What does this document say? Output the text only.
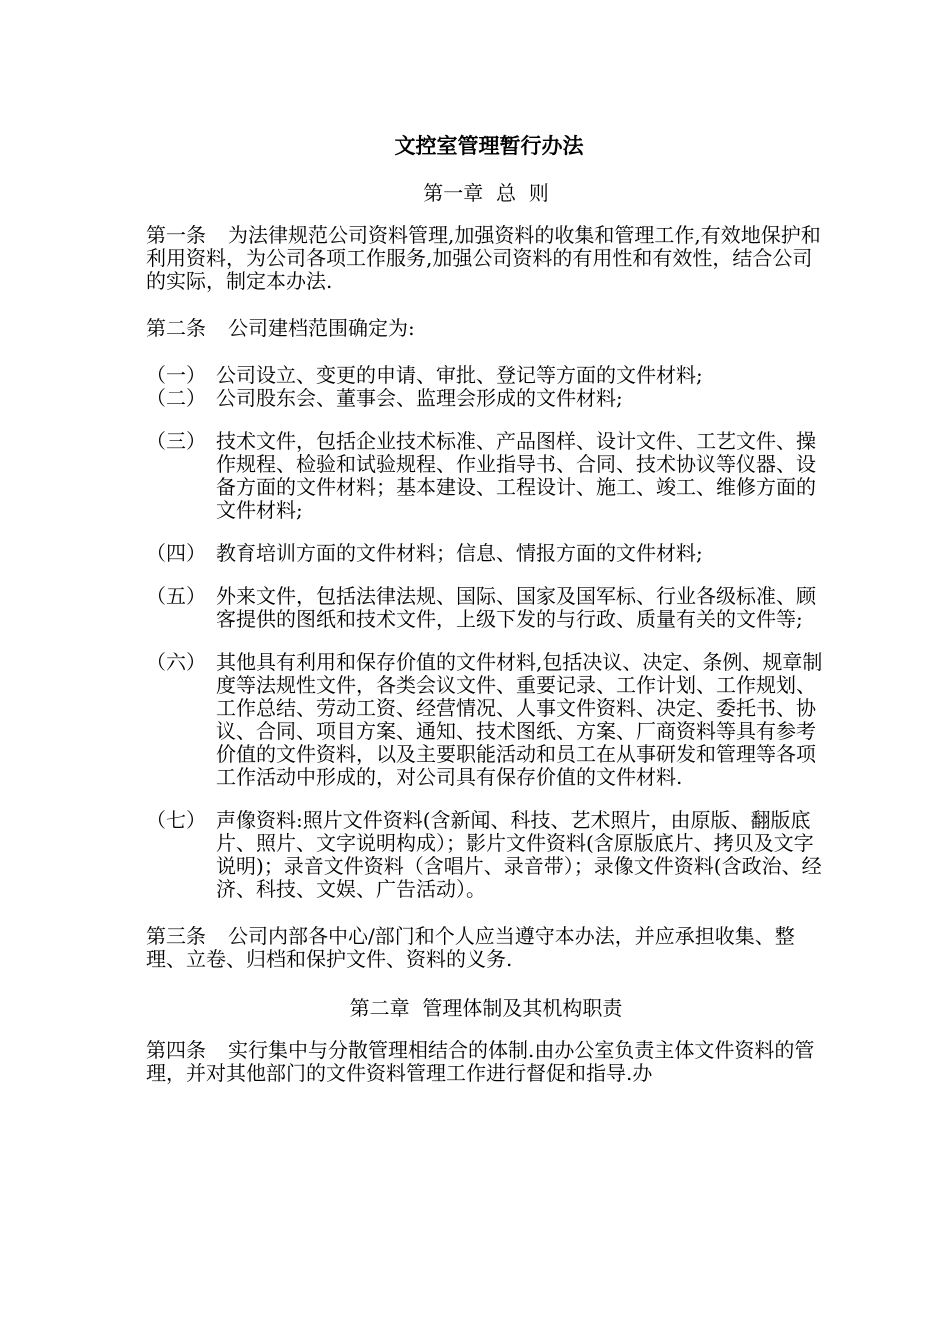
文控室管理暂行办法
第一章  总  则
第一条 为法律规范公司资料管理,加强资料的收集和管理工作,有效地保护和利用资料，为公司各项工作服务,加强公司资料的有用性和有效性，结合公司的实际，制定本办法.
第二条 公司建档范围确定为:
（一） 公司设立、变更的申请、审批、登记等方面的文件材料;
（二） 公司股东会、董事会、监理会形成的文件材料;
（三） 技术文件，包括企业技术标准、产品图样、设计文件、工艺文件、操作规程、检验和试验规程、作业指导书、合同、技术协议等仪器、设备方面的文件材料；基本建设、工程设计、施工、竣工、维修方面的文件材料;
（四） 教育培训方面的文件材料；信息、情报方面的文件材料;
（五） 外来文件，包括法律法规、国际、国家及国军标、行业各级标准、顾客提供的图纸和技术文件，上级下发的与行政、质量有关的文件等;
（六） 其他具有利用和保存价值的文件材料,包括决议、决定、条例、规章制度等法规性文件，各类会议文件、重要记录、工作计划、工作规划、工作总结、劳动工资、经营情况、人事文件资料、决定、委托书、协议、合同、项目方案、通知、技术图纸、方案、厂商资料等具有参考价值的文件资料，以及主要职能活动和员工在从事研发和管理等各项工作活动中形成的，对公司具有保存价值的文件材料.
（七） 声像资料:照片文件资料(含新闻、科技、艺术照片，由原版、翻版底片、照片、文字说明构成）；影片文件资料(含原版底片、拷贝及文字说明)；录音文件资料（含唱片、录音带）；录像文件资料(含政治、经济、科技、文娱、广告活动）。
第三条 公司内部各中心/部门和个人应当遵守本办法，并应承担收集、整理、立卷、归档和保护文件、资料的义务.
第二章  管理体制及其机构职责
第四条 实行集中与分散管理相结合的体制.由办公室负责主体文件资料的管理，并对其他部门的文件资料管理工作进行督促和指导.办
